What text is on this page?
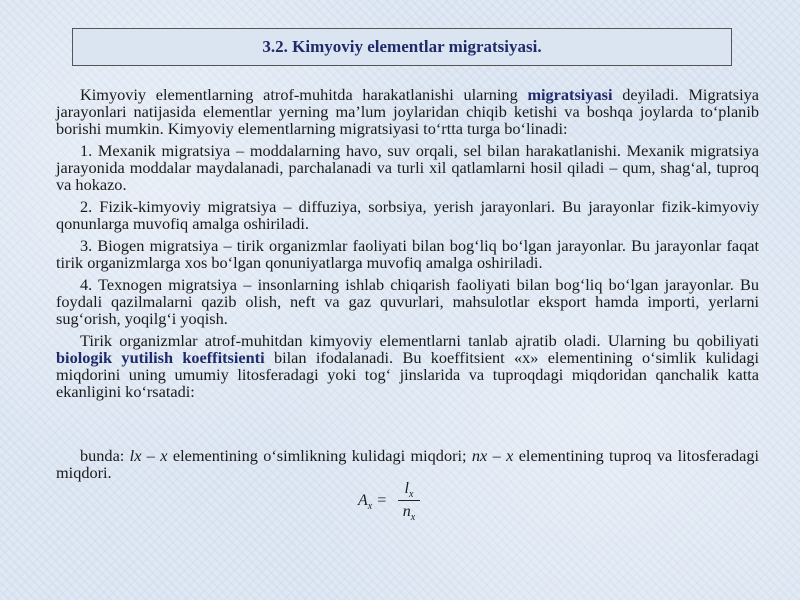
3.2. Kimyoviy elementlar migratsiyasi.

Kimyoviy elementlarning atrof-muhitda harakatlanishi ularning migratsiyasi deyiladi. Migratsiya jarayonlari natijasida elementlar yerning ma’lum joylaridan chiqib ketishi va boshqa joylarda to‘planib borishi mumkin. Kimyoviy elementlarning migratsiyasi to‘rtta turga bo‘linadi:

1. Mexanik migratsiya – moddalarning havo, suv orqali, sel bilan harakatlanishi. Mexanik migratsiya jarayonida moddalar maydalanadi, parchalanadi va turli xil qatlamlarni hosil qiladi – qum, shag‘al, tuproq va hokazo.

2. Fizik-kimyoviy migratsiya – diffuziya, sorbsiya, yerish jarayonlari. Bu jarayonlar fizik-kimyoviy qonunlarga muvofiq amalga oshiriladi.

3. Biogen migratsiya – tirik organizmlar faoliyati bilan bog‘liq bo‘lgan jarayonlar. Bu jarayonlar faqat tirik organizmlarga xos bo‘lgan qonuniyatlarga muvofiq amalga oshiriladi.

4. Texnogen migratsiya – insonlarning ishlab chiqarish faoliyati bilan bog‘liq bo‘lgan jarayonlar. Bu foydali qazilmalarni qazib olish, neft va gaz quvurlari, mahsulotlar eksport hamda importi, yerlarni sug‘orish, yoqilg‘i yoqish.

Tirik organizmlar atrof-muhitdan kimyoviy elementlarni tanlab ajratib oladi. Ularning bu qobiliyati biologik yutilish koeffitsienti bilan ifodalanadi. Bu koeffitsient «x» elementining o‘simlik kulidagi miqdorini uning umumiy litosferadagi yoki tog‘ jinslarida va tuproqdagi miqdoridan qanchalik katta ekanligini ko‘rsatadi:

bunda: lx – x elementining o‘simlikning kulidagi miqdori; nx – x elementining tuproq va litosferadagi miqdori.

$A_x$ =
$l_x$
$n_x$
